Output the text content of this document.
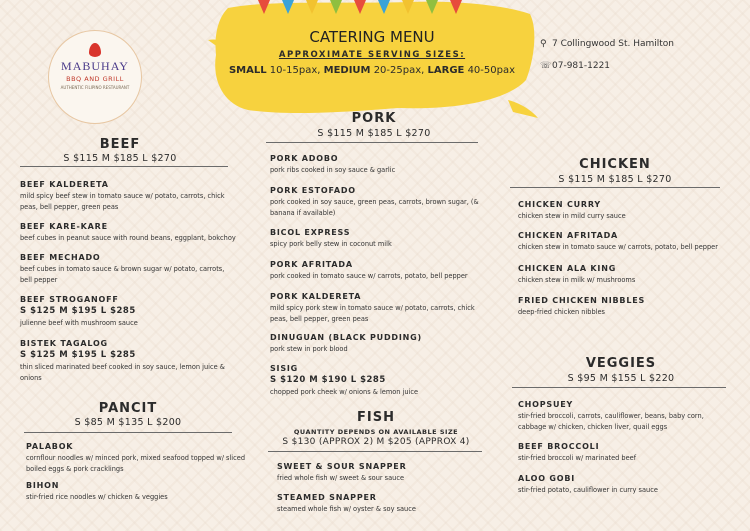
MABUHAY
BBQ AND GRILL
AUTHENTIC FILIPINO RESTAURANT
CATERING MENU
APPROXIMATE SERVING SIZES:
SMALL 10-15pax, MEDIUM 20-25pax, LARGE 40-50pax
⚲ 7 Collingwood St. Hamilton
☏07-981-1221
BEEF
S $115 M $185 L $270
BEEF KALDERETA
mild spicy beef stew in tomato sauce w/ potato, carrots, chick peas, bell pepper, green peas
BEEF KARE-KARE
beef cubes in peanut sauce with round beans, eggplant, bokchoy
BEEF MECHADO
beef cubes in tomato sauce & brown sugar w/ potato, carrots, bell pepper
BEEF STROGANOFF
S $125 M $195 L $285
julienne beef with mushroom sauce
BISTEK TAGALOG
S $125 M $195 L $285
thin sliced marinated beef cooked in soy sauce, lemon juice & onions
PANCIT
S $85 M $135 L $200
PALABOK
cornflour noodles w/ minced pork, mixed seafood topped w/ sliced boiled eggs & pork cracklings
BIHON
stir-fried rice noodles w/ chicken & veggies
PORK
S $115 M $185 L $270
PORK ADOBO
pork ribs cooked in soy sauce & garlic
PORK ESTOFADO
pork cooked in soy sauce, green peas, carrots, brown sugar, (& banana if available)
BICOL EXPRESS
spicy pork belly stew in coconut milk
PORK AFRITADA
pork cooked in tomato sauce w/ carrots, potato, bell pepper
PORK KALDERETA
mild spicy pork stew in tomato sauce w/ potato, carrots, chick peas, bell pepper, green peas
DINUGUAN (BLACK PUDDING)
pork stew in pork blood
SISIG
S $120 M $190 L $285
chopped pork cheek w/ onions & lemon juice
FISH
QUANTITY DEPENDS ON AVAILABLE SIZE
S $130 (APPROX 2) M $205 (APPROX 4)
SWEET & SOUR SNAPPER
fried whole fish w/ sweet & sour sauce
STEAMED SNAPPER
steamed whole fish w/ oyster & soy sauce
CHICKEN
S $115 M $185 L $270
CHICKEN CURRY
chicken stew in mild curry sauce
CHICKEN AFRITADA
chicken stew in tomato sauce w/ carrots, potato, bell pepper
CHICKEN ALA KING
chicken stew in milk w/ mushrooms
FRIED CHICKEN NIBBLES
deep-fried chicken nibbles
VEGGIES
S $95 M $155 L $220
CHOPSUEY
stir-fried broccoli, carrots, cauliflower, beans, baby corn, cabbage w/ chicken, chicken liver, quail eggs
BEEF BROCCOLI
stir-fried broccoli w/ marinated beef
ALOO GOBI
stir-fried potato, cauliflower in curry sauce
